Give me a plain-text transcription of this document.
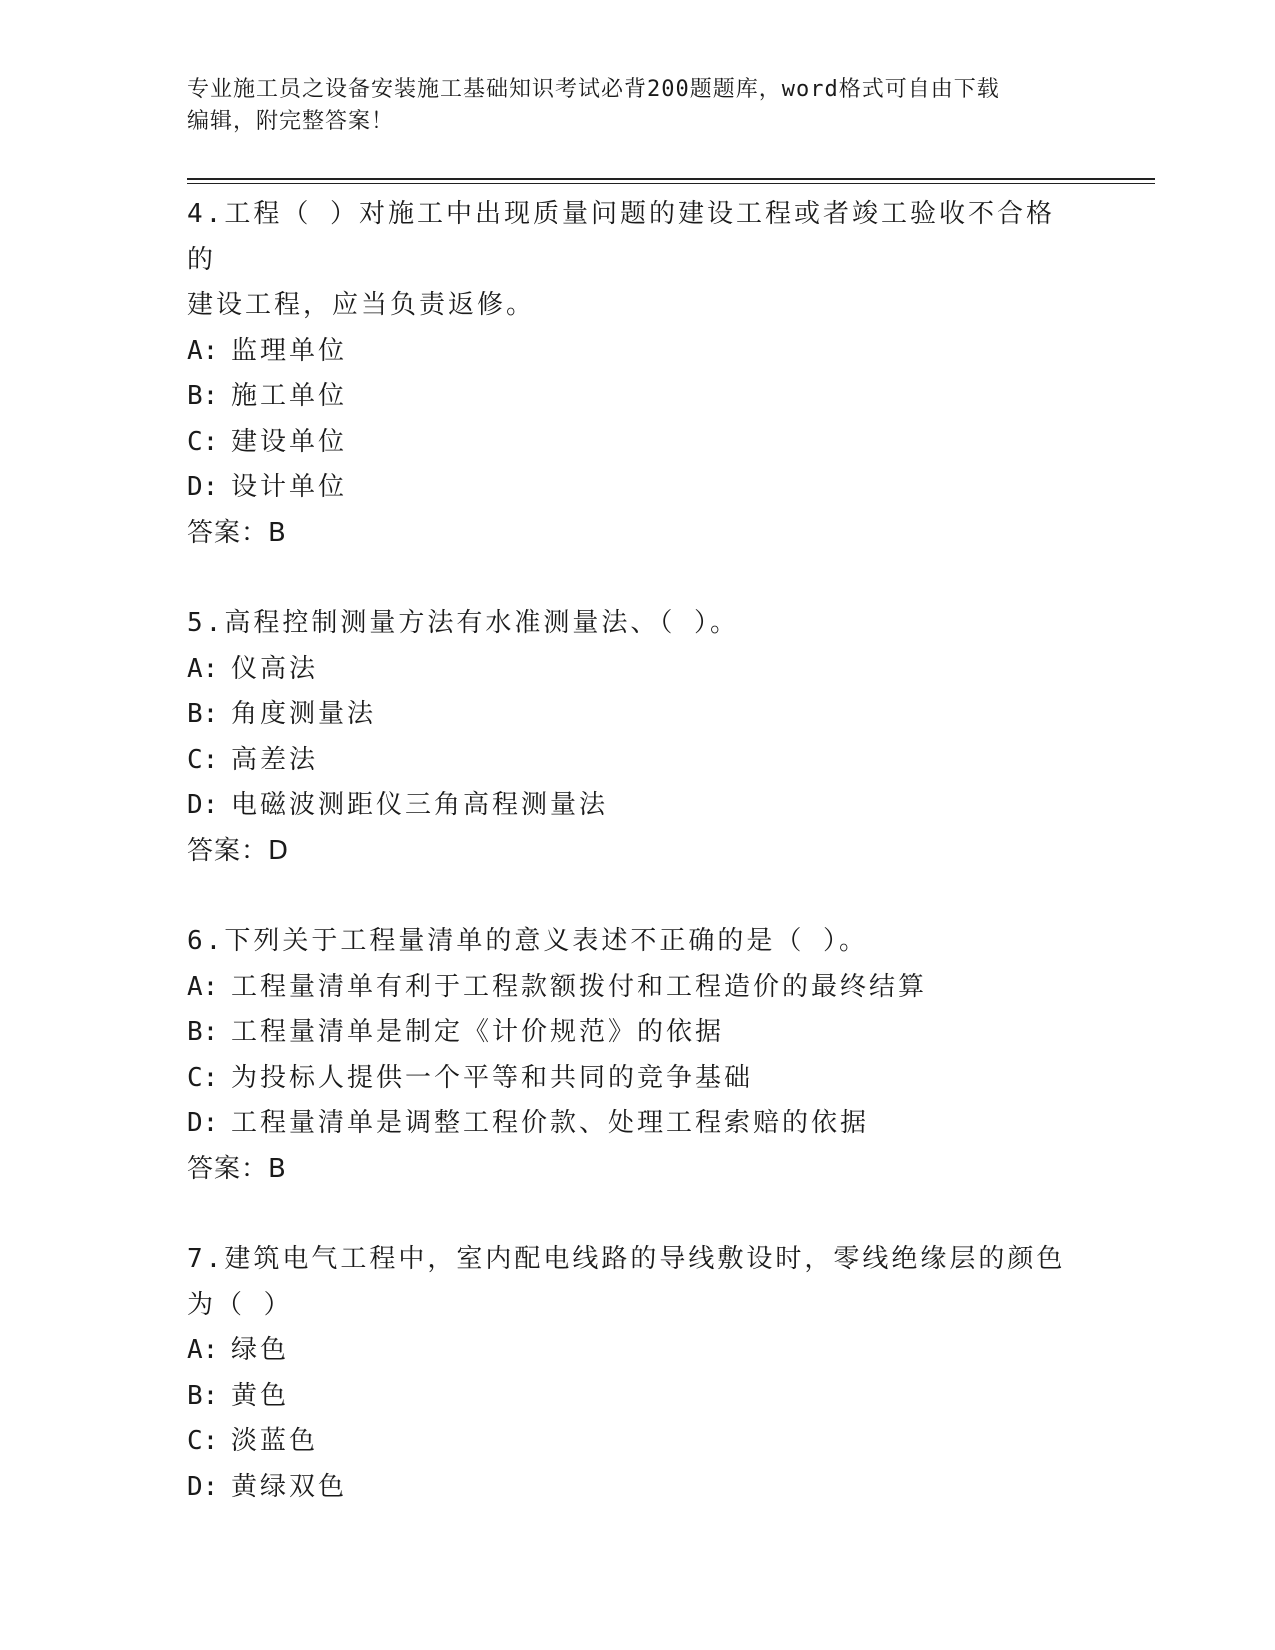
专业施工员之设备安装施工基础知识考试必背200题题库，word格式可自由下载
编辑，附完整答案！
4.工程（ ）对施工中出现质量问题的建设工程或者竣工验收不合格的
建设工程，应当负责返修。
A: 监理单位
B: 施工单位
C: 建设单位
D: 设计单位
答案：B
5.高程控制测量方法有水准测量法、（ ）。
A: 仪高法
B: 角度测量法
C: 高差法
D: 电磁波测距仪三角高程测量法
答案：D
6.下列关于工程量清单的意义表述不正确的是（ ）。
A: 工程量清单有利于工程款额拨付和工程造价的最终结算
B: 工程量清单是制定《计价规范》的依据
C: 为投标人提供一个平等和共同的竞争基础
D: 工程量清单是调整工程价款、处理工程索赔的依据
答案：B
7.建筑电气工程中，室内配电线路的导线敷设时，零线绝缘层的颜色
为（ ）
A: 绿色
B: 黄色
C: 淡蓝色
D: 黄绿双色
